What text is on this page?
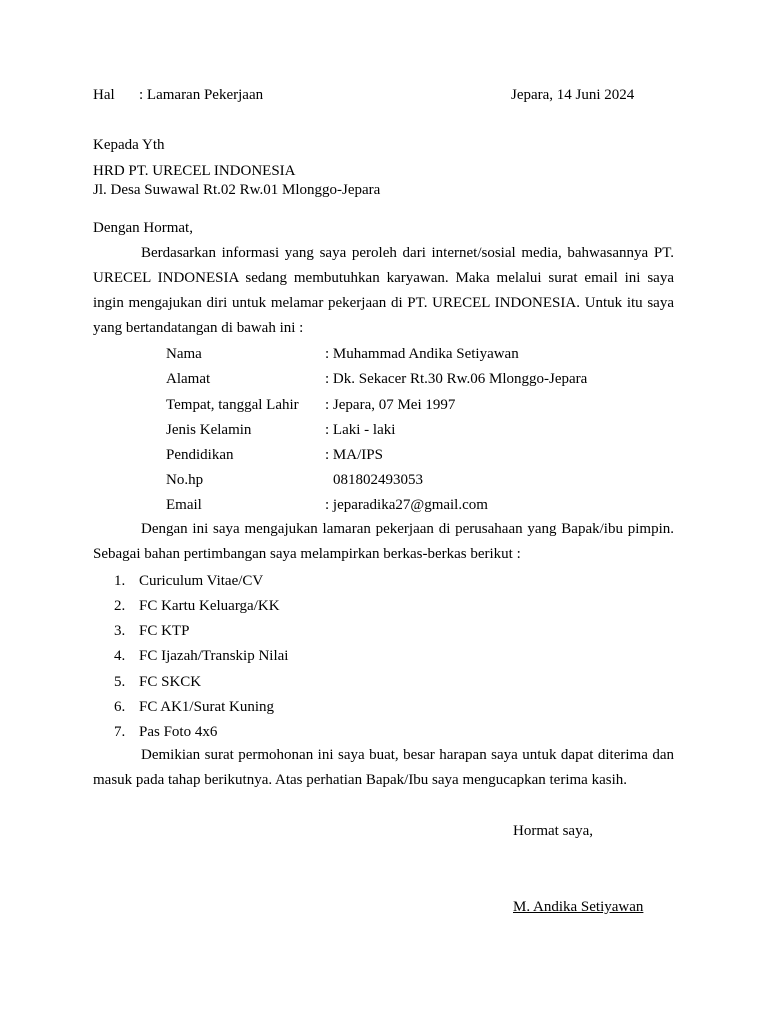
Hal : Lamaran Pekerjaan	Jepara, 14 Juni 2024
Kepada Yth
HRD PT. URECEL INDONESIA
Jl. Desa Suwawal Rt.02 Rw.01 Mlonggo-Jepara
Dengan Hormat,
Berdasarkan informasi yang saya peroleh dari internet/sosial media, bahwasannya PT. URECEL INDONESIA sedang membutuhkan karyawan. Maka melalui surat email ini saya ingin mengajukan diri untuk melamar pekerjaan di PT. URECEL INDONESIA. Untuk itu saya yang bertandatangan di bawah ini :
Nama	: Muhammad Andika Setiyawan
Alamat	: Dk. Sekacer Rt.30 Rw.06 Mlonggo-Jepara
Tempat, tanggal Lahir : Jepara, 07 Mei 1997
Jenis Kelamin	: Laki - laki
Pendidikan	: MA/IPS
No.hp	081802493053
Email	: jeparadika27@gmail.com
Dengan ini saya mengajukan lamaran pekerjaan di perusahaan yang Bapak/ibu pimpin. Sebagai bahan pertimbangan saya melampirkan berkas-berkas berikut :
1. Curiculum Vitae/CV
2. FC Kartu Keluarga/KK
3. FC KTP
4. FC Ijazah/Transkip Nilai
5. FC SKCK
6. FC AK1/Surat Kuning
7. Pas Foto 4x6
Demikian surat permohonan ini saya buat, besar harapan saya untuk dapat diterima dan masuk pada tahap berikutnya. Atas perhatian Bapak/Ibu saya mengucapkan terima kasih.
Hormat saya,
M. Andika Setiyawan
